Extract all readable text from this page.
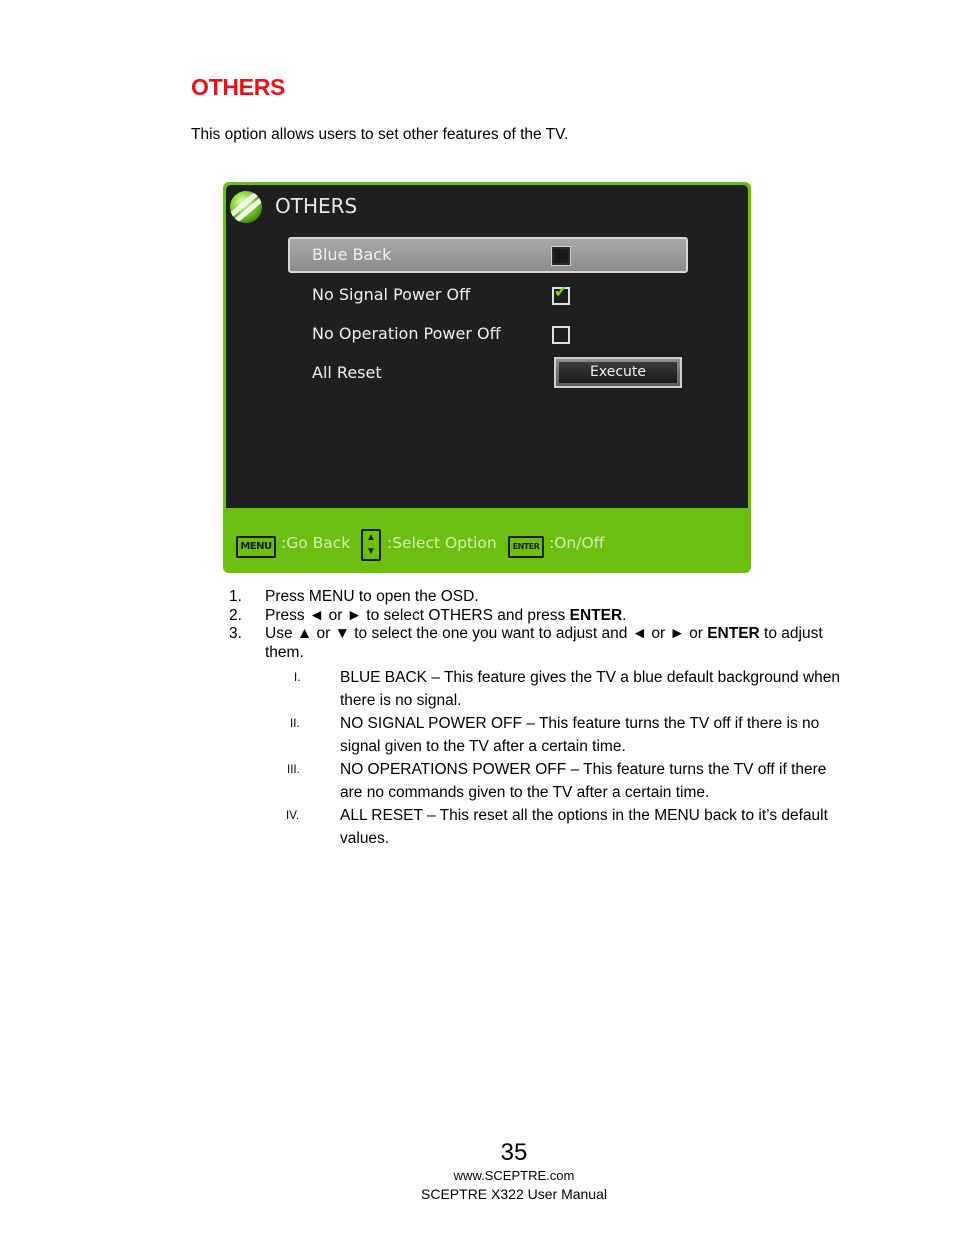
OTHERS
This option allows users to set other features of the TV.
OTHERS
Blue Back
No Signal Power Off	✔
No Operation Power Off
All Reset	Execute
MENU :Go Back ▲
▼ :Select Option	ENTER :On/Off
1. Press MENU to open the OSD.
2. Press ◄ or ► to select OTHERS and press ENTER.
3. Use ▲ or ▼ to select the one you want to adjust and ◄ or ► or ENTER to adjust them.
I.	BLUE BACK – This feature gives the TV a blue default background when there is no signal.
II.	NO SIGNAL POWER OFF – This feature turns the TV off if there is no signal given to the TV after a certain time.
III.	NO OPERATIONS POWER OFF – This feature turns the TV off if there are no commands given to the TV after a certain time.
IV.	ALL RESET – This reset all the options in the MENU back to it’s default values.
35
www.SCEPTRE.com
SCEPTRE X322 User Manual
